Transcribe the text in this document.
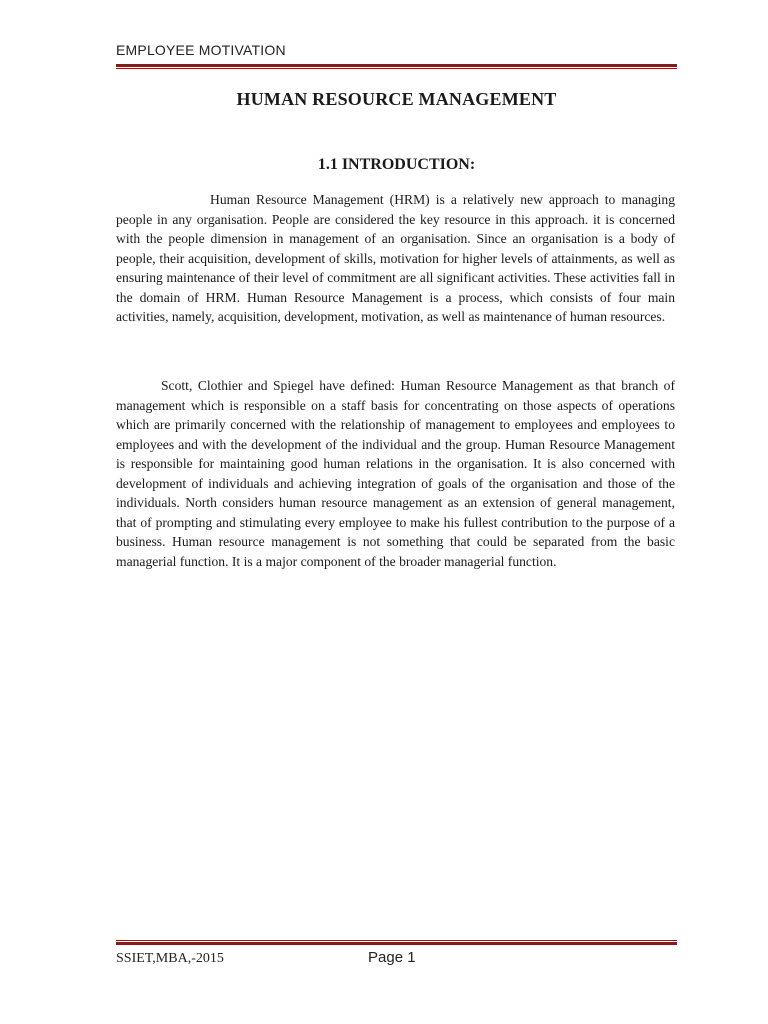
EMPLOYEE MOTIVATION
HUMAN RESOURCE MANAGEMENT
1.1 INTRODUCTION:

Human Resource Management (HRM) is a relatively new approach to managing people in any organisation. People are considered the key resource in this approach. it is concerned with the people dimension in management of an organisation. Since an organisation is a body of people, their acquisition, development of skills, motivation for higher levels of attainments, as well as ensuring maintenance of their level of commitment are all significant activities. These activities fall in the domain of HRM. Human Resource Management is a process, which consists of four main activities, namely, acquisition, development, motivation, as well as maintenance of human resources.

Scott, Clothier and Spiegel have defined: Human Resource Management as that branch of management which is responsible on a staff basis for concentrating on those aspects of operations which are primarily concerned with the relationship of management to employees and employees to employees and with the development of the individual and the group. Human Resource Management is responsible for maintaining good human relations in the organisation. It is also concerned with development of individuals and achieving integration of goals of the organisation and those of the individuals. North considers human resource management as an extension of general management, that of prompting and stimulating every employee to make his fullest contribution to the purpose of a business. Human resource management is not something that could be separated from the basic managerial function. It is a major component of the broader managerial function.

SSIET,MBA,-2015	Page 1
